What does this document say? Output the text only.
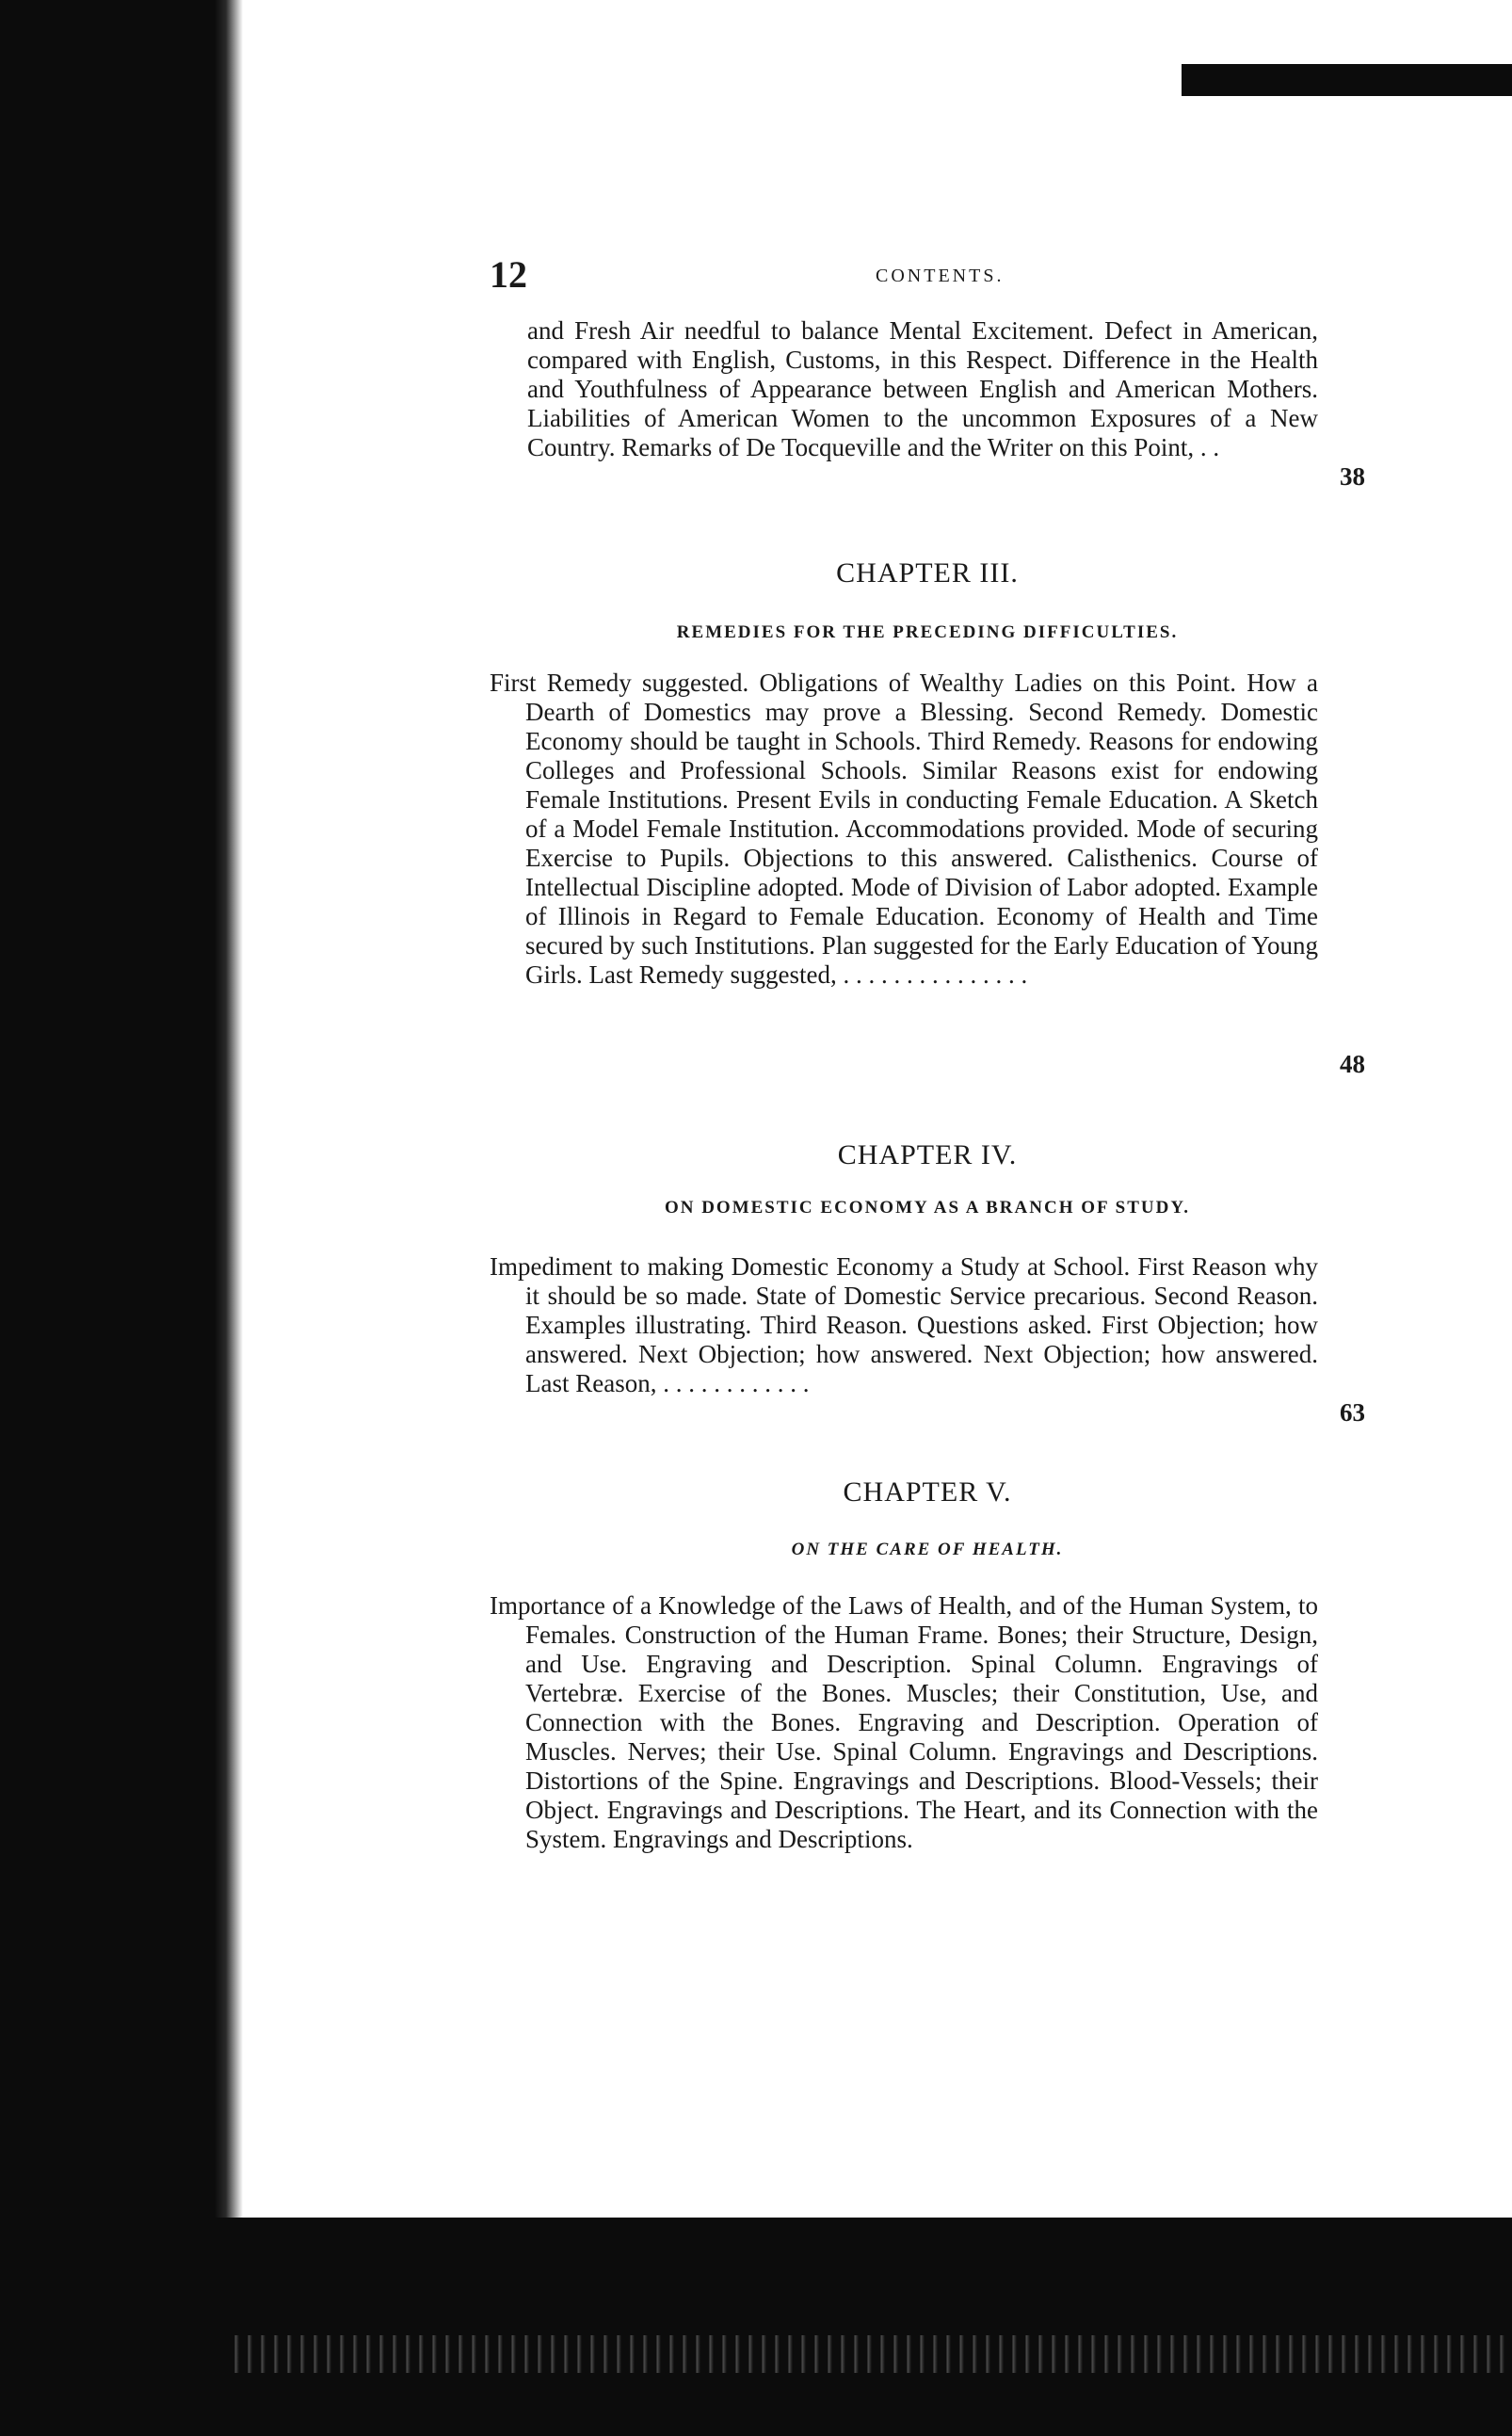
12	CONTENTS.
and Fresh Air needful to balance Mental Excitement. Defect in American, compared with English, Customs, in this Respect. Difference in the Health and Youthfulness of Appearance between English and American Mothers. Liabilities of American Women to the uncommon Exposures of a New Country. Remarks of De Tocqueville and the Writer on this Point, . .
38
CHAPTER III.
REMEDIES FOR THE PRECEDING DIFFICULTIES.
First Remedy suggested. Obligations of Wealthy Ladies on this Point. How a Dearth of Domestics may prove a Blessing. Second Remedy. Domestic Economy should be taught in Schools. Third Remedy. Reasons for endowing Colleges and Professional Schools. Similar Reasons exist for endowing Female Institutions. Present Evils in conducting Female Education. A Sketch of a Model Female Institution. Accommodations provided. Mode of securing Exercise to Pupils. Objections to this answered. Calisthenics. Course of Intellectual Discipline adopted. Mode of Division of Labor adopted. Example of Illinois in Regard to Female Education. Economy of Health and Time secured by such Institutions. Plan suggested for the Early Education of Young Girls. Last Remedy suggested, . . . . . . . . . . . . . . .
48
CHAPTER IV.
ON DOMESTIC ECONOMY AS A BRANCH OF STUDY.
Impediment to making Domestic Economy a Study at School. First Reason why it should be so made. State of Domestic Service precarious. Second Reason. Examples illustrating. Third Reason. Questions asked. First Objection; how answered. Next Objection; how answered. Next Objection; how answered. Last Reason, . . . . . . . . . . . .
63
CHAPTER V.
ON THE CARE OF HEALTH.
Importance of a Knowledge of the Laws of Health, and of the Human System, to Females. Construction of the Human Frame. Bones; their Structure, Design, and Use. Engraving and Description. Spinal Column. Engravings of Vertebræ. Exercise of the Bones. Muscles; their Constitution, Use, and Connection with the Bones. Engraving and Description. Operation of Muscles. Nerves; their Use. Spinal Column. Engravings and Descriptions. Distortions of the Spine. Engravings and Descriptions. Blood-Vessels; their Object. Engravings and Descriptions. The Heart, and its Connection with the System. Engravings and Descriptions.
